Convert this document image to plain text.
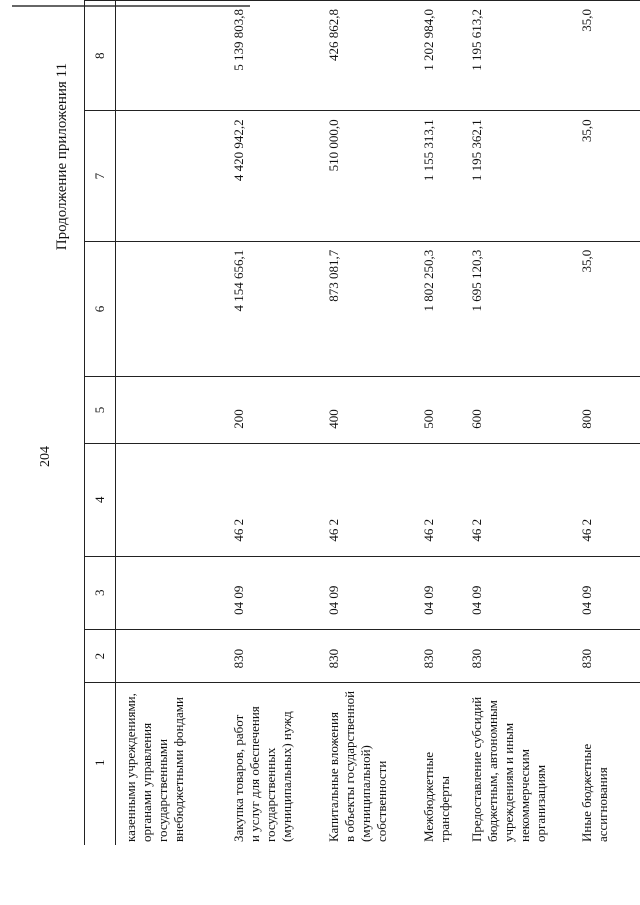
204
Продолжение приложения 11
1	2	3	4	5	6	7	8

казенными учреждениями, органами управления государственными внебюджетными фондами							

Закупка товаров, работ и услуг для обеспечения государственных (муниципальных) нужд	830	04 09	46 2	200	4 154 656,1	4 420 942,2	5 139 803,8

Капитальные вложения в объекты государственной (муниципальной) собственности	830	04 09	46 2	400	873 081,7	510 000,0	426 862,8

Межбюджетные трансферты	830	04 09	46 2	500	1 802 250,3	1 155 313,1	1 202 984,0

Предоставление субсидий бюджетным, автономным учреждениям и иным некоммерческим организациям	830	04 09	46 2	600	1 695 120,3	1 195 362,1	1 195 613,2

Иные бюджетные ассигнования	830	04 09	46 2	800	35,0	35,0	35,0
